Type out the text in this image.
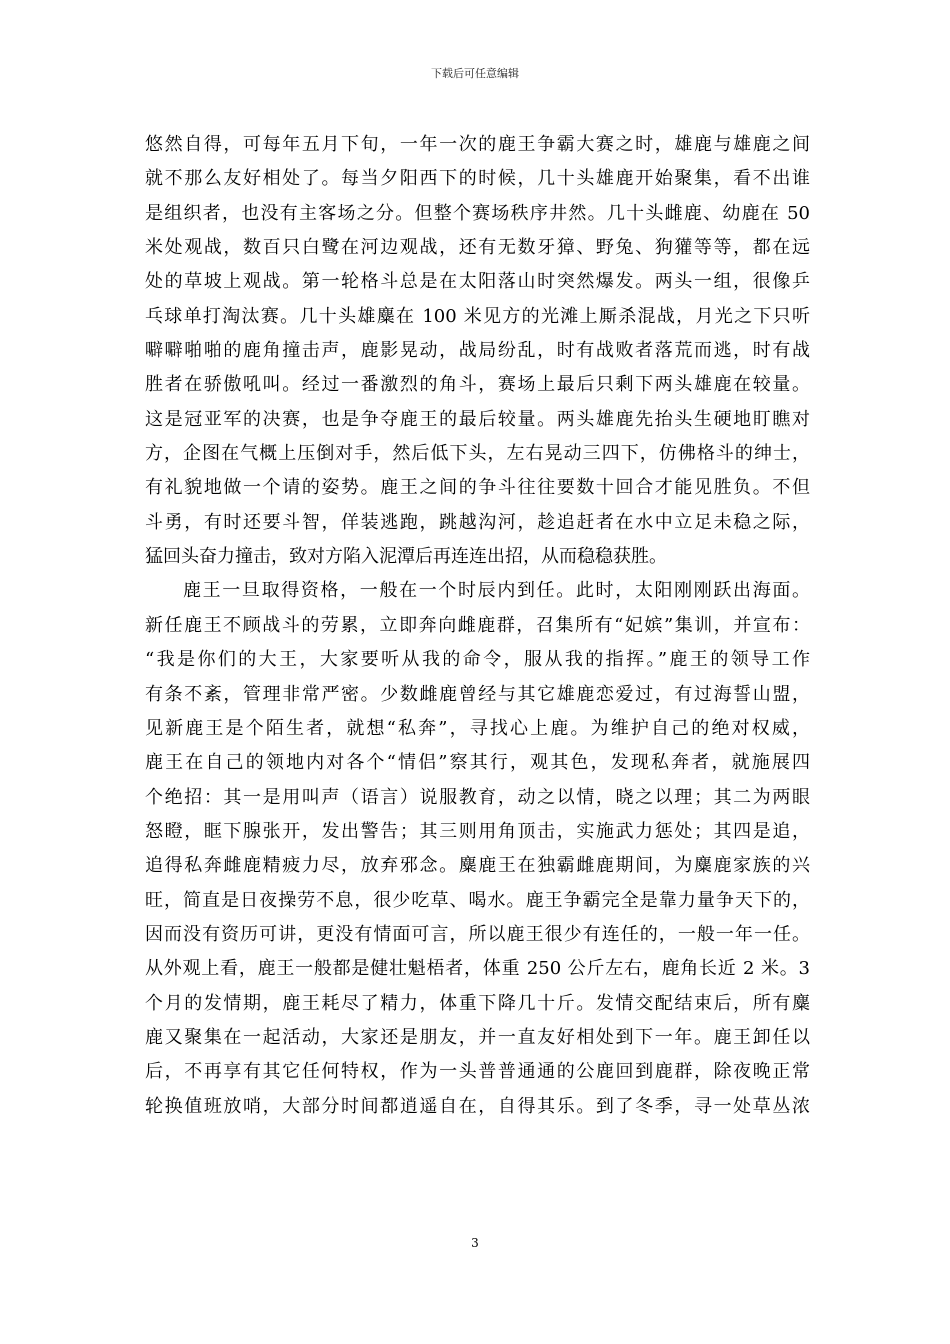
下载后可任意编辑
悠然自得，可每年五月下旬，一年一次的鹿王争霸大赛之时，雄鹿与雄鹿之间
就不那么友好相处了。每当夕阳西下的时候，几十头雄鹿开始聚集，看不出谁
是组织者，也没有主客场之分。但整个赛场秩序井然。几十头雌鹿、幼鹿在 50
米处观战，数百只白鹭在河边观战，还有无数牙獐、野兔、狗獾等等，都在远
处的草坡上观战。第一轮格斗总是在太阳落山时突然爆发。两头一组，很像乒
乓球单打淘汰赛。几十头雄麋在 100 米见方的光滩上厮杀混战，月光之下只听
噼噼啪啪的鹿角撞击声，鹿影晃动，战局纷乱，时有战败者落荒而逃，时有战
胜者在骄傲吼叫。经过一番激烈的角斗，赛场上最后只剩下两头雄鹿在较量。
这是冠亚军的决赛，也是争夺鹿王的最后较量。两头雄鹿先抬头生硬地盯瞧对
方，企图在气概上压倒对手，然后低下头，左右晃动三四下，仿佛格斗的绅士，
有礼貌地做一个请的姿势。鹿王之间的争斗往往要数十回合才能见胜负。不但
斗勇，有时还要斗智，佯装逃跑，跳越沟河，趁追赶者在水中立足未稳之际，
猛回头奋力撞击，致对方陷入泥潭后再连连出招，从而稳稳获胜。
鹿王一旦取得资格，一般在一个时辰内到任。此时，太阳刚刚跃出海面。
新任鹿王不顾战斗的劳累，立即奔向雌鹿群，召集所有“妃嫔”集训，并宣布：
“我是你们的大王，大家要听从我的命令，服从我的指挥。”鹿王的领导工作
有条不紊，管理非常严密。少数雌鹿曾经与其它雄鹿恋爱过，有过海誓山盟，
见新鹿王是个陌生者，就想“私奔”，寻找心上鹿。为维护自己的绝对权威，
鹿王在自己的领地内对各个“情侣”察其行，观其色，发现私奔者，就施展四
个绝招：其一是用叫声（语言）说服教育，动之以情，晓之以理；其二为两眼
怒瞪，眶下腺张开，发出警告；其三则用角顶击，实施武力惩处；其四是追，
追得私奔雌鹿精疲力尽，放弃邪念。麋鹿王在独霸雌鹿期间，为麋鹿家族的兴
旺，简直是日夜操劳不息，很少吃草、喝水。鹿王争霸完全是靠力量争天下的，
因而没有资历可讲，更没有情面可言，所以鹿王很少有连任的，一般一年一任。
从外观上看，鹿王一般都是健壮魁梧者，体重 250 公斤左右，鹿角长近 2 米。3
个月的发情期，鹿王耗尽了精力，体重下降几十斤。发情交配结束后，所有麋
鹿又聚集在一起活动，大家还是朋友，并一直友好相处到下一年。鹿王卸任以
后，不再享有其它任何特权，作为一头普普通通的公鹿回到鹿群，除夜晚正常
轮换值班放哨，大部分时间都逍遥自在，自得其乐。到了冬季，寻一处草丛浓
3
